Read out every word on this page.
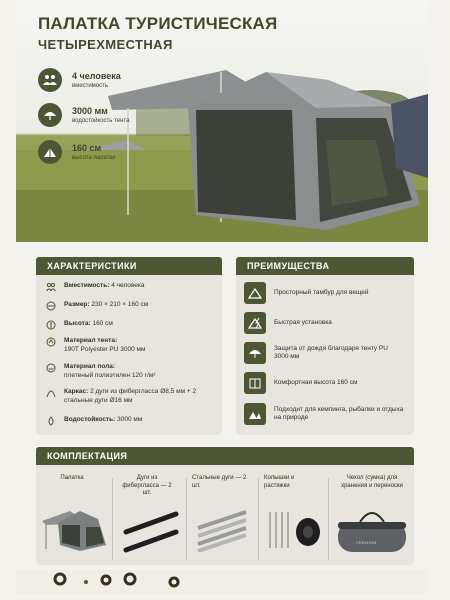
ПАЛАТКА ТУРИСТИЧЕСКАЯ
ЧЕТЫРЕХМЕСТНАЯ
4 человека
вместимость
3000 мм
водостойкость тента
160 см
высота палатки
ХАРАКТЕРИСТИКИ
Вместимость: 4 человека
Размер: 230 × 210 × 160 см
Высота: 160 см
Материал тента:
190T Polyester PU 3000 мм
Материал пола:
плетеный полиэтилен 120 г/м²
Каркас: 2 дуги из фибергласса Ø8,5 мм + 2 стальные дуги Ø16 мм
Водостойкость: 3000 мм
ПРЕИМУЩЕСТВА
Просторный тамбур для вещей
Быстрая установка
Защита от дождя благодаря тенту PU 3000 мм
Комфортная высота 160 см
Подходит для кемпинга, рыбалки и отдыха на природе
КОМПЛЕКТАЦИЯ
Палатка	Дуги из фибергласса — 2 шт.
Стальные дуги — 2 шт.
Колышки и растяжки
Чехол (сумка) для хранения и переноски
VERGOIN
